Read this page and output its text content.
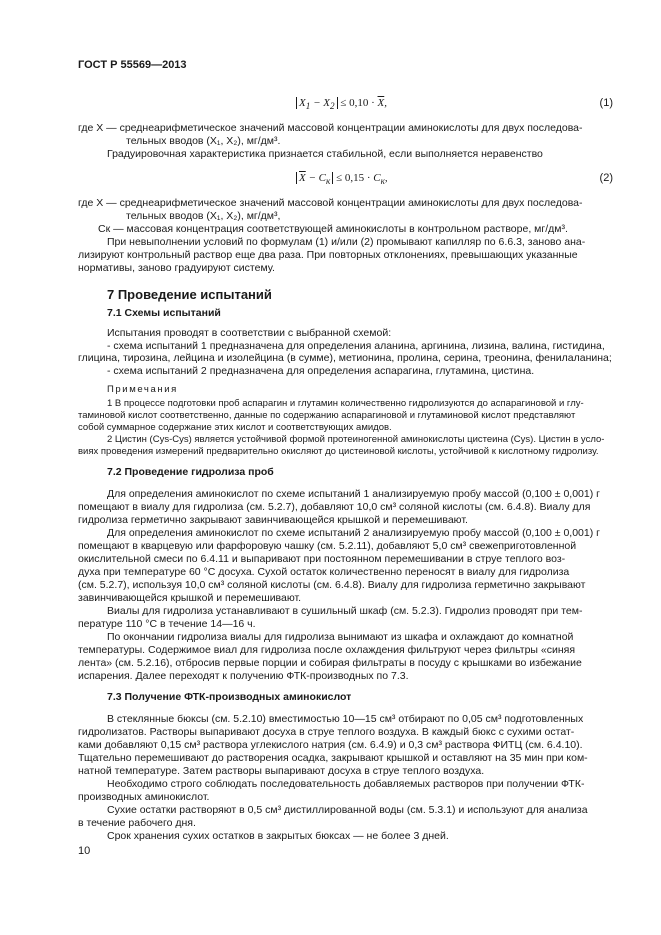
ГОСТ Р 55569—2013
$X_1 - X_2 \le 0,10 \cdot \overline{X}$,	(1)
где X — среднеарифметическое значений массовой концентрации аминокислоты для двух последова-
тельных вводов (X₁, X₂), мг/дм³.
Градуировочная характеристика признается стабильной, если выполняется неравенство
$\overline{X} - C_к \le 0,15 \cdot C_к$,	(2)
где X — среднеарифметическое значений массовой концентрации аминокислоты для двух последова-
тельных вводов (X₁, X₂), мг/дм³,
Cк — массовая концентрация соответствующей аминокислоты в контрольном растворе, мг/дм³.
При невыполнении условий по формулам (1) и/или (2) промывают капилляр по 6.6.3, заново ана-
лизируют контрольный раствор еще два раза. При повторных отклонениях, превышающих указанные
нормативы, заново градуируют систему.
7 Проведение испытаний
7.1 Схемы испытаний
Испытания проводят в соответствии с выбранной схемой:
- схема испытаний 1 предназначена для определения аланина, аргинина, лизина, валина, гистидина,
глицина, тирозина, лейцина и изолейцина (в сумме), метионина, пролина, серина, треонина, фенилаланина;
- схема испытаний 2 предназначена для определения аспарагина, глутамина, цистина.
Примечания
1 В процессе подготовки проб аспарагин и глутамин количественно гидролизуются до аспарагиновой и глу-
таминовой кислот соответственно, данные по содержанию аспарагиновой и глутаминовой кислот представляют
собой суммарное содержание этих кислот и соответствующих амидов.
2 Цистин (Cys-Cys) является устойчивой формой протеиногенной аминокислоты цистеина (Cys). Цистин в усло-
виях проведения измерений предварительно окисляют до цистеиновой кислоты, устойчивой к кислотному гидролизу.
7.2 Проведение гидролиза проб
Для определения аминокислот по схеме испытаний 1 анализируемую пробу массой (0,100 ± 0,001) г
помещают в виалу для гидролиза (см. 5.2.7), добавляют 10,0 см³ соляной кислоты (см. 6.4.8). Виалу для
гидролиза герметично закрывают завинчивающейся крышкой и перемешивают.
Для определения аминокислот по схеме испытаний 2 анализируемую пробу массой (0,100 ± 0,001) г
помещают в кварцевую или фарфоровую чашку (см. 5.2.11), добавляют 5,0 см³ свежеприготовленной
окислительной смеси по 6.4.11 и выпаривают при постоянном перемешивании в струе теплого воз-
духа при температуре 60 °С досуха. Сухой остаток количественно переносят в виалу для гидролиза
(см. 5.2.7), используя 10,0 см³ соляной кислоты (см. 6.4.8). Виалу для гидролиза герметично закрывают
завинчивающейся крышкой и перемешивают.
Виалы для гидролиза устанавливают в сушильный шкаф (см. 5.2.3). Гидролиз проводят при тем-
пературе 110 °С в течение 14—16 ч.
По окончании гидролиза виалы для гидролиза вынимают из шкафа и охлаждают до комнатной
температуры. Содержимое виал для гидролиза после охлаждения фильтруют через фильтры «синяя
лента» (см. 5.2.16), отбросив первые порции и собирая фильтраты в посуду с крышками во избежание
испарения. Далее переходят к получению ФТК-производных по 7.3.
7.3 Получение ФТК-производных аминокислот
В стеклянные бюксы (см. 5.2.10) вместимостью 10—15 см³ отбирают по 0,05 см³ подготовленных
гидролизатов. Растворы выпаривают досуха в струе теплого воздуха. В каждый бюкс с сухими остат-
ками добавляют 0,15 см³ раствора углекислого натрия (см. 6.4.9) и 0,3 см³ раствора ФИТЦ (см. 6.4.10).
Тщательно перемешивают до растворения осадка, закрывают крышкой и оставляют на 35 мин при ком-
натной температуре. Затем растворы выпаривают досуха в струе теплого воздуха.
Необходимо строго соблюдать последовательность добавляемых растворов при получении ФТК-
производных аминокислот.
Сухие остатки растворяют в 0,5 см³ дистиллированной воды (см. 5.3.1) и используют для анализа
в течение рабочего дня.
Срок хранения сухих остатков в закрытых бюксах — не более 3 дней.
10
